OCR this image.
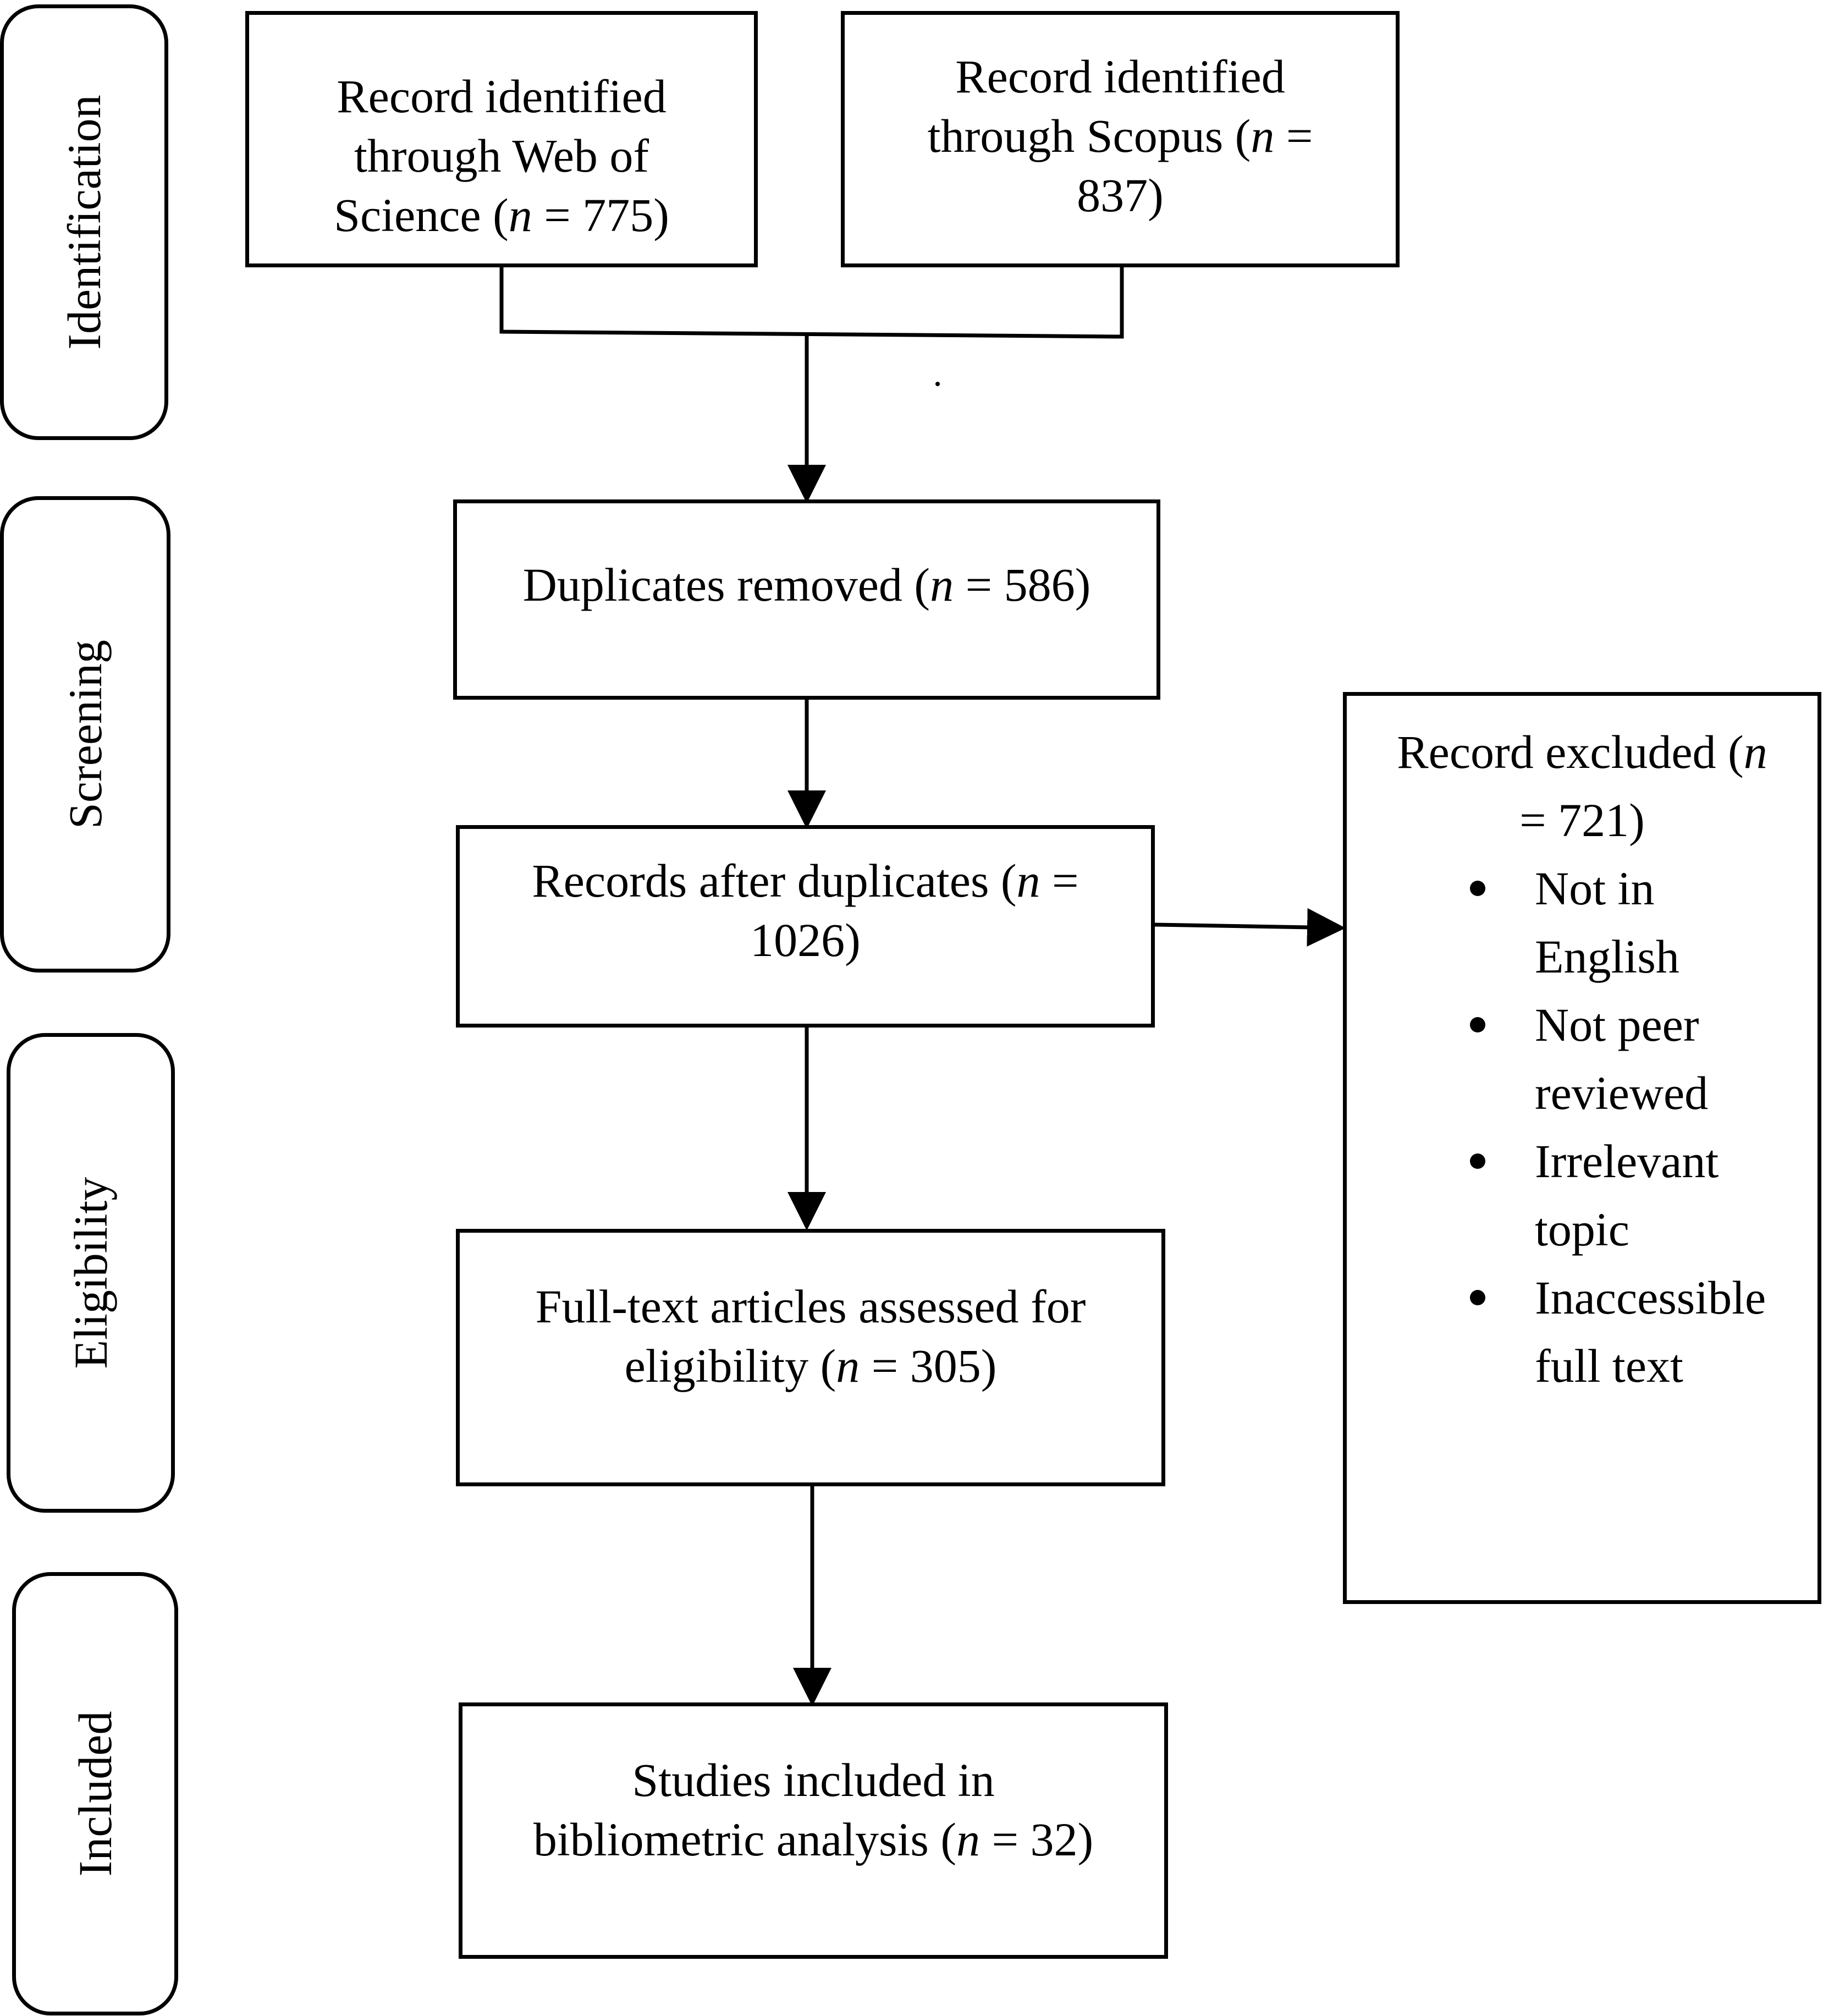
Identification
Screening
Eligibility
Included
Record identified
through Web of
Science (n = 775)
Record identified
through Scopus (n =
837)
Duplicates removed (n = 586)
Records after duplicates (n =
1026)
Full-text articles assessed for
eligibility (n = 305)
Studies included in
bibliometric analysis (n = 32)
Record excluded (n
= 721)
Not in English
Not peer reviewed
Irrelevant topic
Inaccessible full text
